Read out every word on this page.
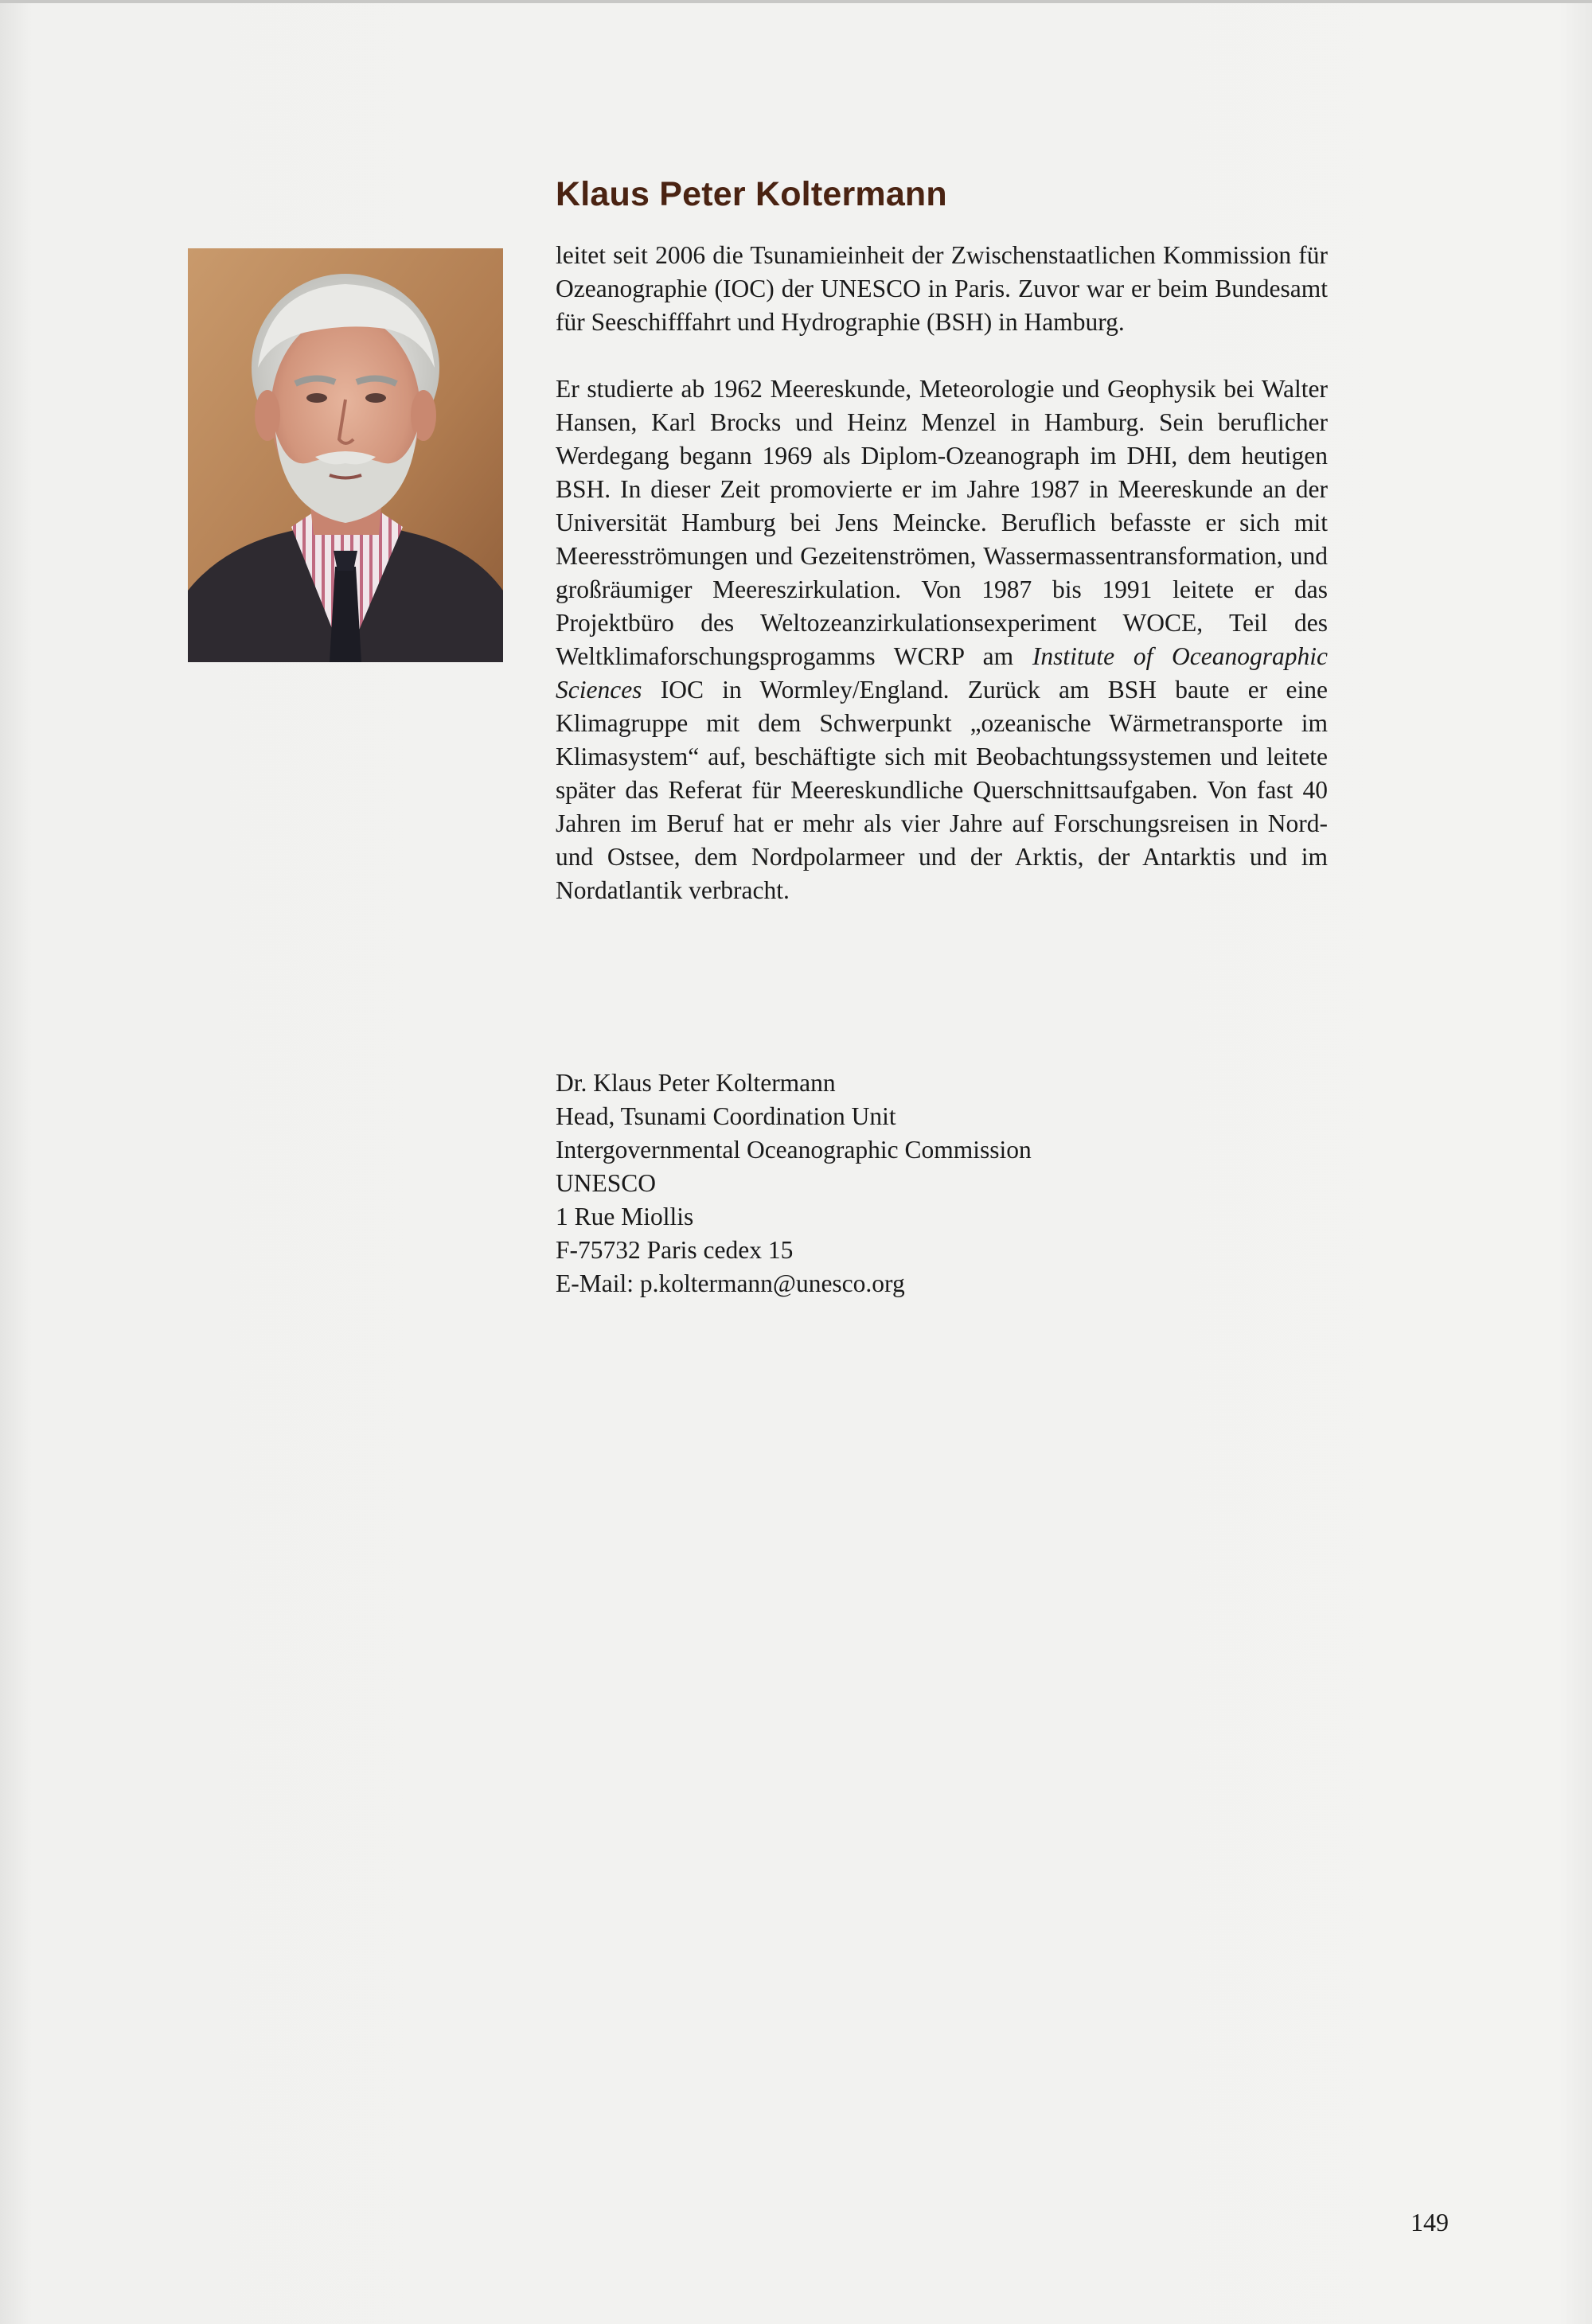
Klaus Peter Koltermann

leitet seit 2006 die Tsunamieinheit der Zwischenstaatlichen Kommission für Ozeanographie (IOC) der UNESCO in Paris. Zuvor war er beim Bundesamt für Seeschifffahrt und Hydrographie (BSH) in Hamburg.

Er studierte ab 1962 Meereskunde, Meteorologie und Geophysik bei Walter Hansen, Karl Brocks und Heinz Menzel in Hamburg. Sein beruflicher Werdegang begann 1969 als Diplom-Ozeanograph im DHI, dem heutigen BSH. In dieser Zeit promovierte er im Jahre 1987 in Meereskunde an der Universität Hamburg bei Jens Meincke. Beruflich befasste er sich mit Meeresströmungen und Gezeitenströmen, Wassermassentransformation, und großräumiger Meereszirkulation. Von 1987 bis 1991 leitete er das Projektbüro des Weltozeanzirkulationsexperiment WOCE, Teil des Weltklimaforschungsprogamms WCRP am Institute of Oceanographic Sciences IOC in Wormley/England. Zurück am BSH baute er eine Klimagruppe mit dem Schwerpunkt „ozeanische Wärmetransporte im Klimasystem“ auf, beschäftigte sich mit Beobachtungssystemen und leitete später das Referat für Meereskundliche Querschnittsaufgaben. Von fast 40 Jahren im Beruf hat er mehr als vier Jahre auf Forschungsreisen in Nord- und Ostsee, dem Nordpolarmeer und der Arktis, der Antarktis und im Nordatlantik verbracht.

Dr. Klaus Peter Koltermann
Head, Tsunami Coordination Unit
Intergovernmental Oceanographic Commission
UNESCO
1 Rue Miollis
F-75732 Paris cedex 15
E-Mail: p.koltermann@unesco.org
149
